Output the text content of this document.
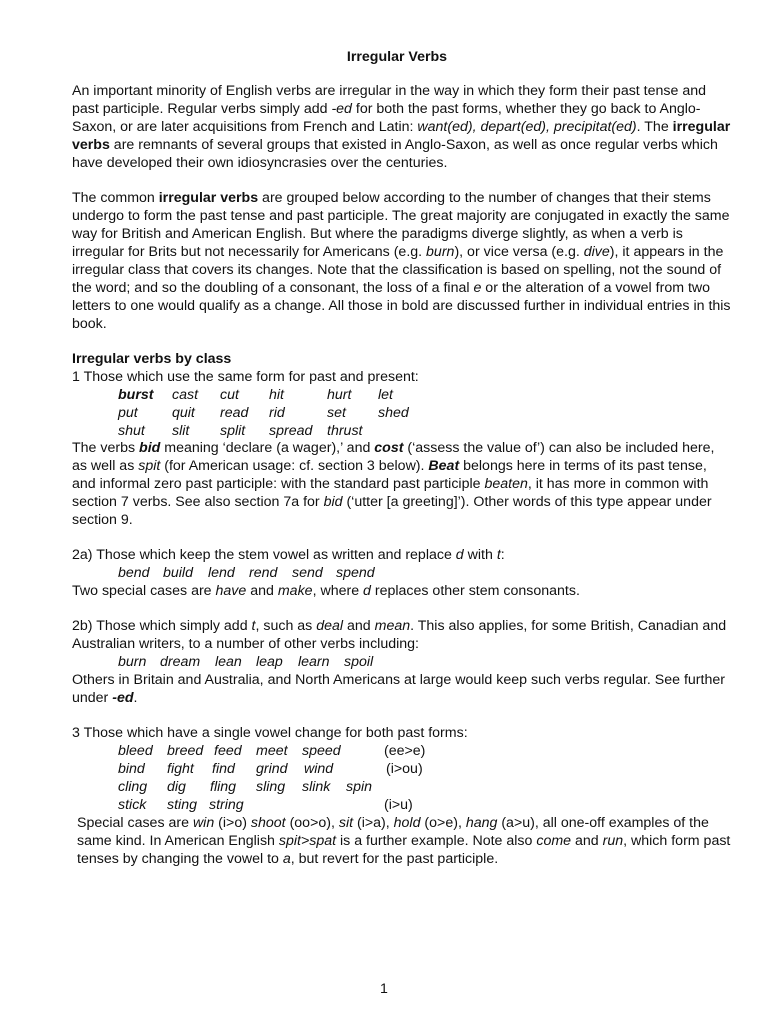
Irregular Verbs

An important minority of English verbs are irregular in the way in which they form their past tense and past participle. Regular verbs simply add -ed for both the past forms, whether they go back to Anglo-Saxon, or are later acquisitions from French and Latin: want(ed), depart(ed), precipitat(ed). The irregular verbs are remnants of several groups that existed in Anglo-Saxon, as well as once regular verbs which have developed their own idiosyncrasies over the centuries.

The common irregular verbs are grouped below according to the number of changes that their stems undergo to form the past tense and past participle. The great majority are conjugated in exactly the same way for British and American English. But where the paradigms diverge slightly, as when a verb is irregular for Brits but not necessarily for Americans (e.g. burn), or vice versa (e.g. dive), it appears in the irregular class that covers its changes. Note that the classification is based on spelling, not the sound of the word; and so the doubling of a consonant, the loss of a final e or the alteration of a vowel from two letters to one would qualify as a change. All those in bold are discussed further in individual entries in this book.

Irregular verbs by class
1 Those which use the same form for past and present:
burst cast cut hit	hurt let
put quit read rid	set shed
shut slit split spread thrust

The verbs bid meaning ‘declare (a wager),’ and cost (‘assess the value of’) can also be included here, as well as spit (for American usage: cf. section 3 below). Beat belongs here in terms of its past tense, and informal zero past participle: with the standard past participle beaten, it has more in common with section 7 verbs. See also section 7a for bid (‘utter [a greeting]’). Other words of this type appear under section 9.

2a) Those which keep the stem vowel as written and replace d with t:
bend build lend rend send spend
Two special cases are have and make, where d replaces other stem consonants.

2b) Those which simply add t, such as deal and mean. This also applies, for some British, Canadian and Australian writers, to a number of other verbs including:

burn dream lean leap learn spoil

Others in Britain and Australia, and North Americans at large would keep such verbs regular. See further under -ed.

3 Those which have a single vowel change for both past forms:
bleed breed feed meet speed	(ee>e)
bind fight find grind wind	(i>ou)
cling dig fling sling slink spin
stick sting string	(i>u)

Special cases are win (i>o) shoot (oo>o), sit (i>a), hold (o>e), hang (a>u), all one-off examples of the same kind. In American English spit>spat is a further example. Note also come and run, which form past tenses by changing the vowel to a, but revert for the past participle.

1
